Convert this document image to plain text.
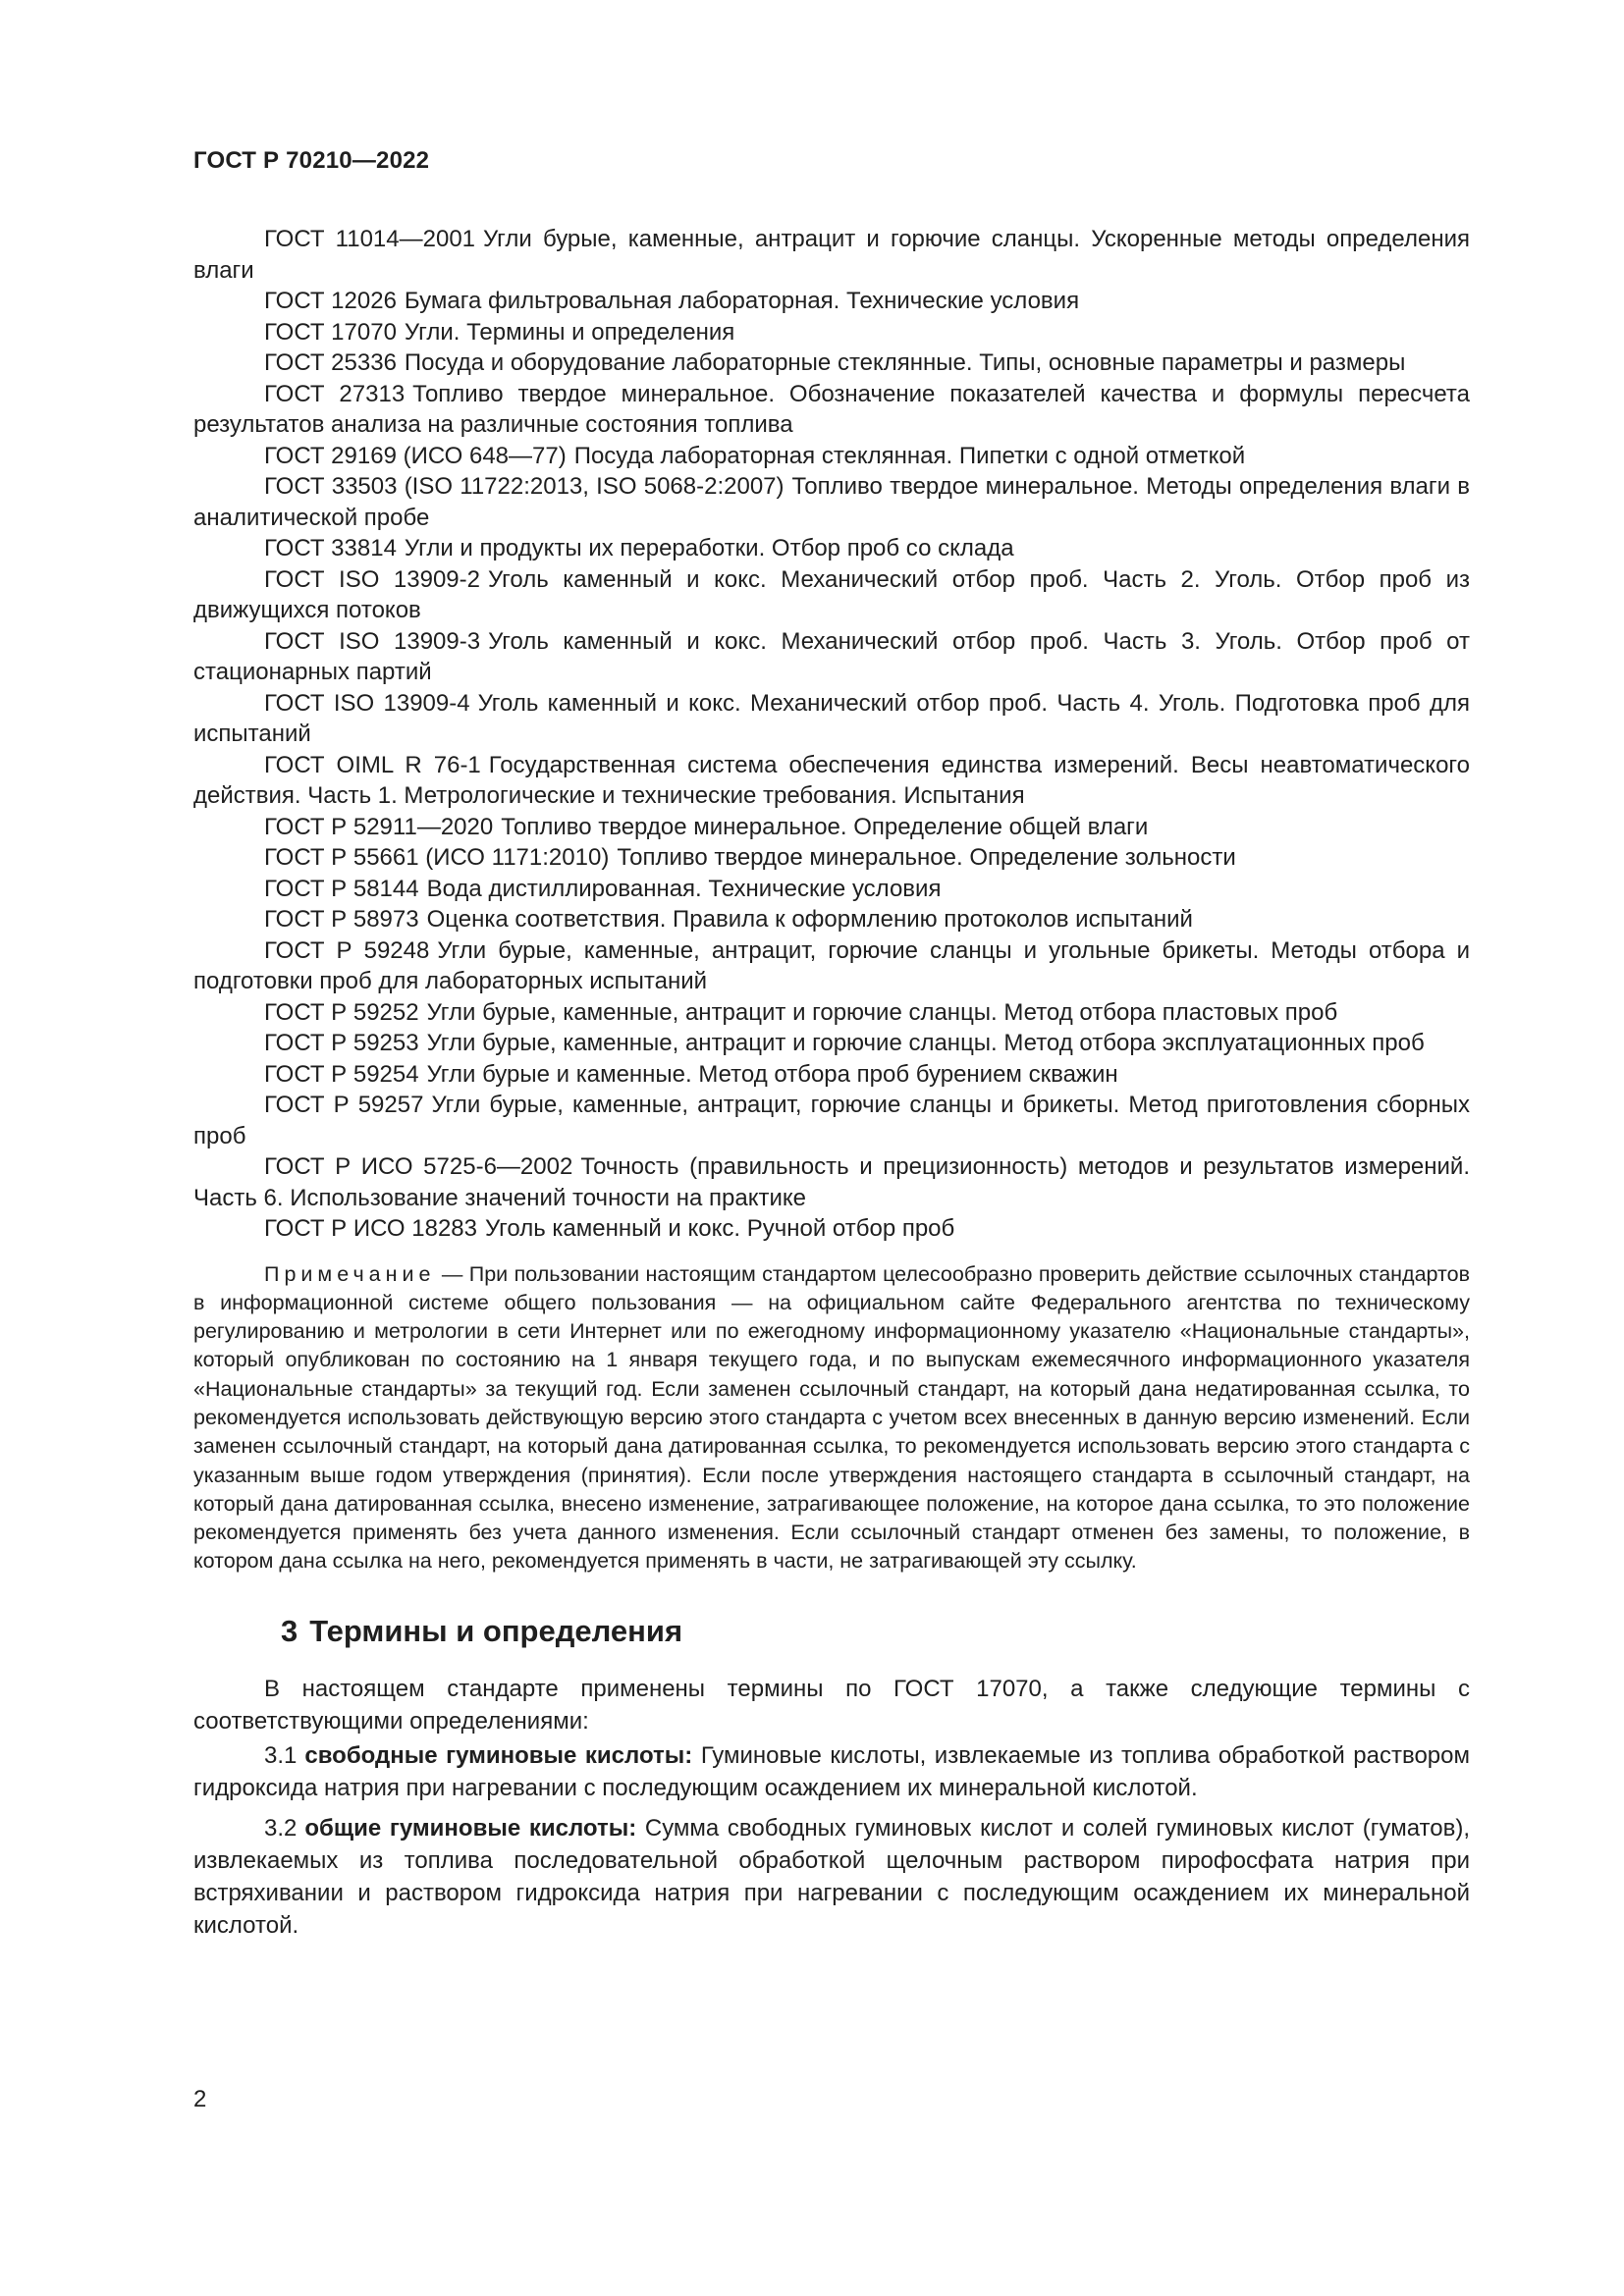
ГОСТ Р 70210—2022

ГОСТ 11014—2001 Угли бурые, каменные, антрацит и горючие сланцы. Ускоренные методы определения влаги

ГОСТ 12026 Бумага фильтровальная лабораторная. Технические условия

ГОСТ 17070 Угли. Термины и определения

ГОСТ 25336 Посуда и оборудование лабораторные стеклянные. Типы, основные параметры и размеры

ГОСТ 27313 Топливо твердое минеральное. Обозначение показателей качества и формулы пересчета результатов анализа на различные состояния топлива

ГОСТ 29169 (ИСО 648—77) Посуда лабораторная стеклянная. Пипетки с одной отметкой

ГОСТ 33503 (ISO 11722:2013, ISO 5068-2:2007) Топливо твердое минеральное. Методы определения влаги в аналитической пробе

ГОСТ 33814 Угли и продукты их переработки. Отбор проб со склада

ГОСТ ISO 13909-2 Уголь каменный и кокс. Механический отбор проб. Часть 2. Уголь. Отбор проб из движущихся потоков

ГОСТ ISO 13909-3 Уголь каменный и кокс. Механический отбор проб. Часть 3. Уголь. Отбор проб от стационарных партий

ГОСТ ISO 13909-4 Уголь каменный и кокс. Механический отбор проб. Часть 4. Уголь. Подготовка проб для испытаний

ГОСТ OIML R 76-1 Государственная система обеспечения единства измерений. Весы неавтоматического действия. Часть 1. Метрологические и технические требования. Испытания

ГОСТ Р 52911—2020 Топливо твердое минеральное. Определение общей влаги

ГОСТ Р 55661 (ИСО 1171:2010) Топливо твердое минеральное. Определение зольности

ГОСТ Р 58144 Вода дистиллированная. Технические условия

ГОСТ Р 58973 Оценка соответствия. Правила к оформлению протоколов испытаний

ГОСТ Р 59248 Угли бурые, каменные, антрацит, горючие сланцы и угольные брикеты. Методы отбора и подготовки проб для лабораторных испытаний

ГОСТ Р 59252 Угли бурые, каменные, антрацит и горючие сланцы. Метод отбора пластовых проб

ГОСТ Р 59253 Угли бурые, каменные, антрацит и горючие сланцы. Метод отбора эксплуатационных проб

ГОСТ Р 59254 Угли бурые и каменные. Метод отбора проб бурением скважин

ГОСТ Р 59257 Угли бурые, каменные, антрацит, горючие сланцы и брикеты. Метод приготовления сборных проб

ГОСТ Р ИСО 5725-6—2002 Точность (правильность и прецизионность) методов и результатов измерений. Часть 6. Использование значений точности на практике

ГОСТ Р ИСО 18283 Уголь каменный и кокс. Ручной отбор проб

Примечание — При пользовании настоящим стандартом целесообразно проверить действие ссылочных стандартов в информационной системе общего пользования — на официальном сайте Федерального агентства по техническому регулированию и метрологии в сети Интернет или по ежегодному информационному указателю «Национальные стандарты», который опубликован по состоянию на 1 января текущего года, и по выпускам ежемесячного информационного указателя «Национальные стандарты» за текущий год. Если заменен ссылочный стандарт, на который дана недатированная ссылка, то рекомендуется использовать действующую версию этого стандарта с учетом всех внесенных в данную версию изменений. Если заменен ссылочный стандарт, на который дана датированная ссылка, то рекомендуется использовать версию этого стандарта с указанным выше годом утверждения (принятия). Если после утверждения настоящего стандарта в ссылочный стандарт, на который дана датированная ссылка, внесено изменение, затрагивающее положение, на которое дана ссылка, то это положение рекомендуется применять без учета данного изменения. Если ссылочный стандарт отменен без замены, то положение, в котором дана ссылка на него, рекомендуется применять в части, не затрагивающей эту ссылку.

3 Термины и определения

В настоящем стандарте применены термины по ГОСТ 17070, а также следующие термины с соответствующими определениями:

3.1 свободные гуминовые кислоты: Гуминовые кислоты, извлекаемые из топлива обработкой раствором гидроксида натрия при нагревании с последующим осаждением их минеральной кислотой.

3.2 общие гуминовые кислоты: Сумма свободных гуминовых кислот и солей гуминовых кислот (гуматов), извлекаемых из топлива последовательной обработкой щелочным раствором пирофосфата натрия при встряхивании и раствором гидроксида натрия при нагревании с последующим осаждением их минеральной кислотой.

2
